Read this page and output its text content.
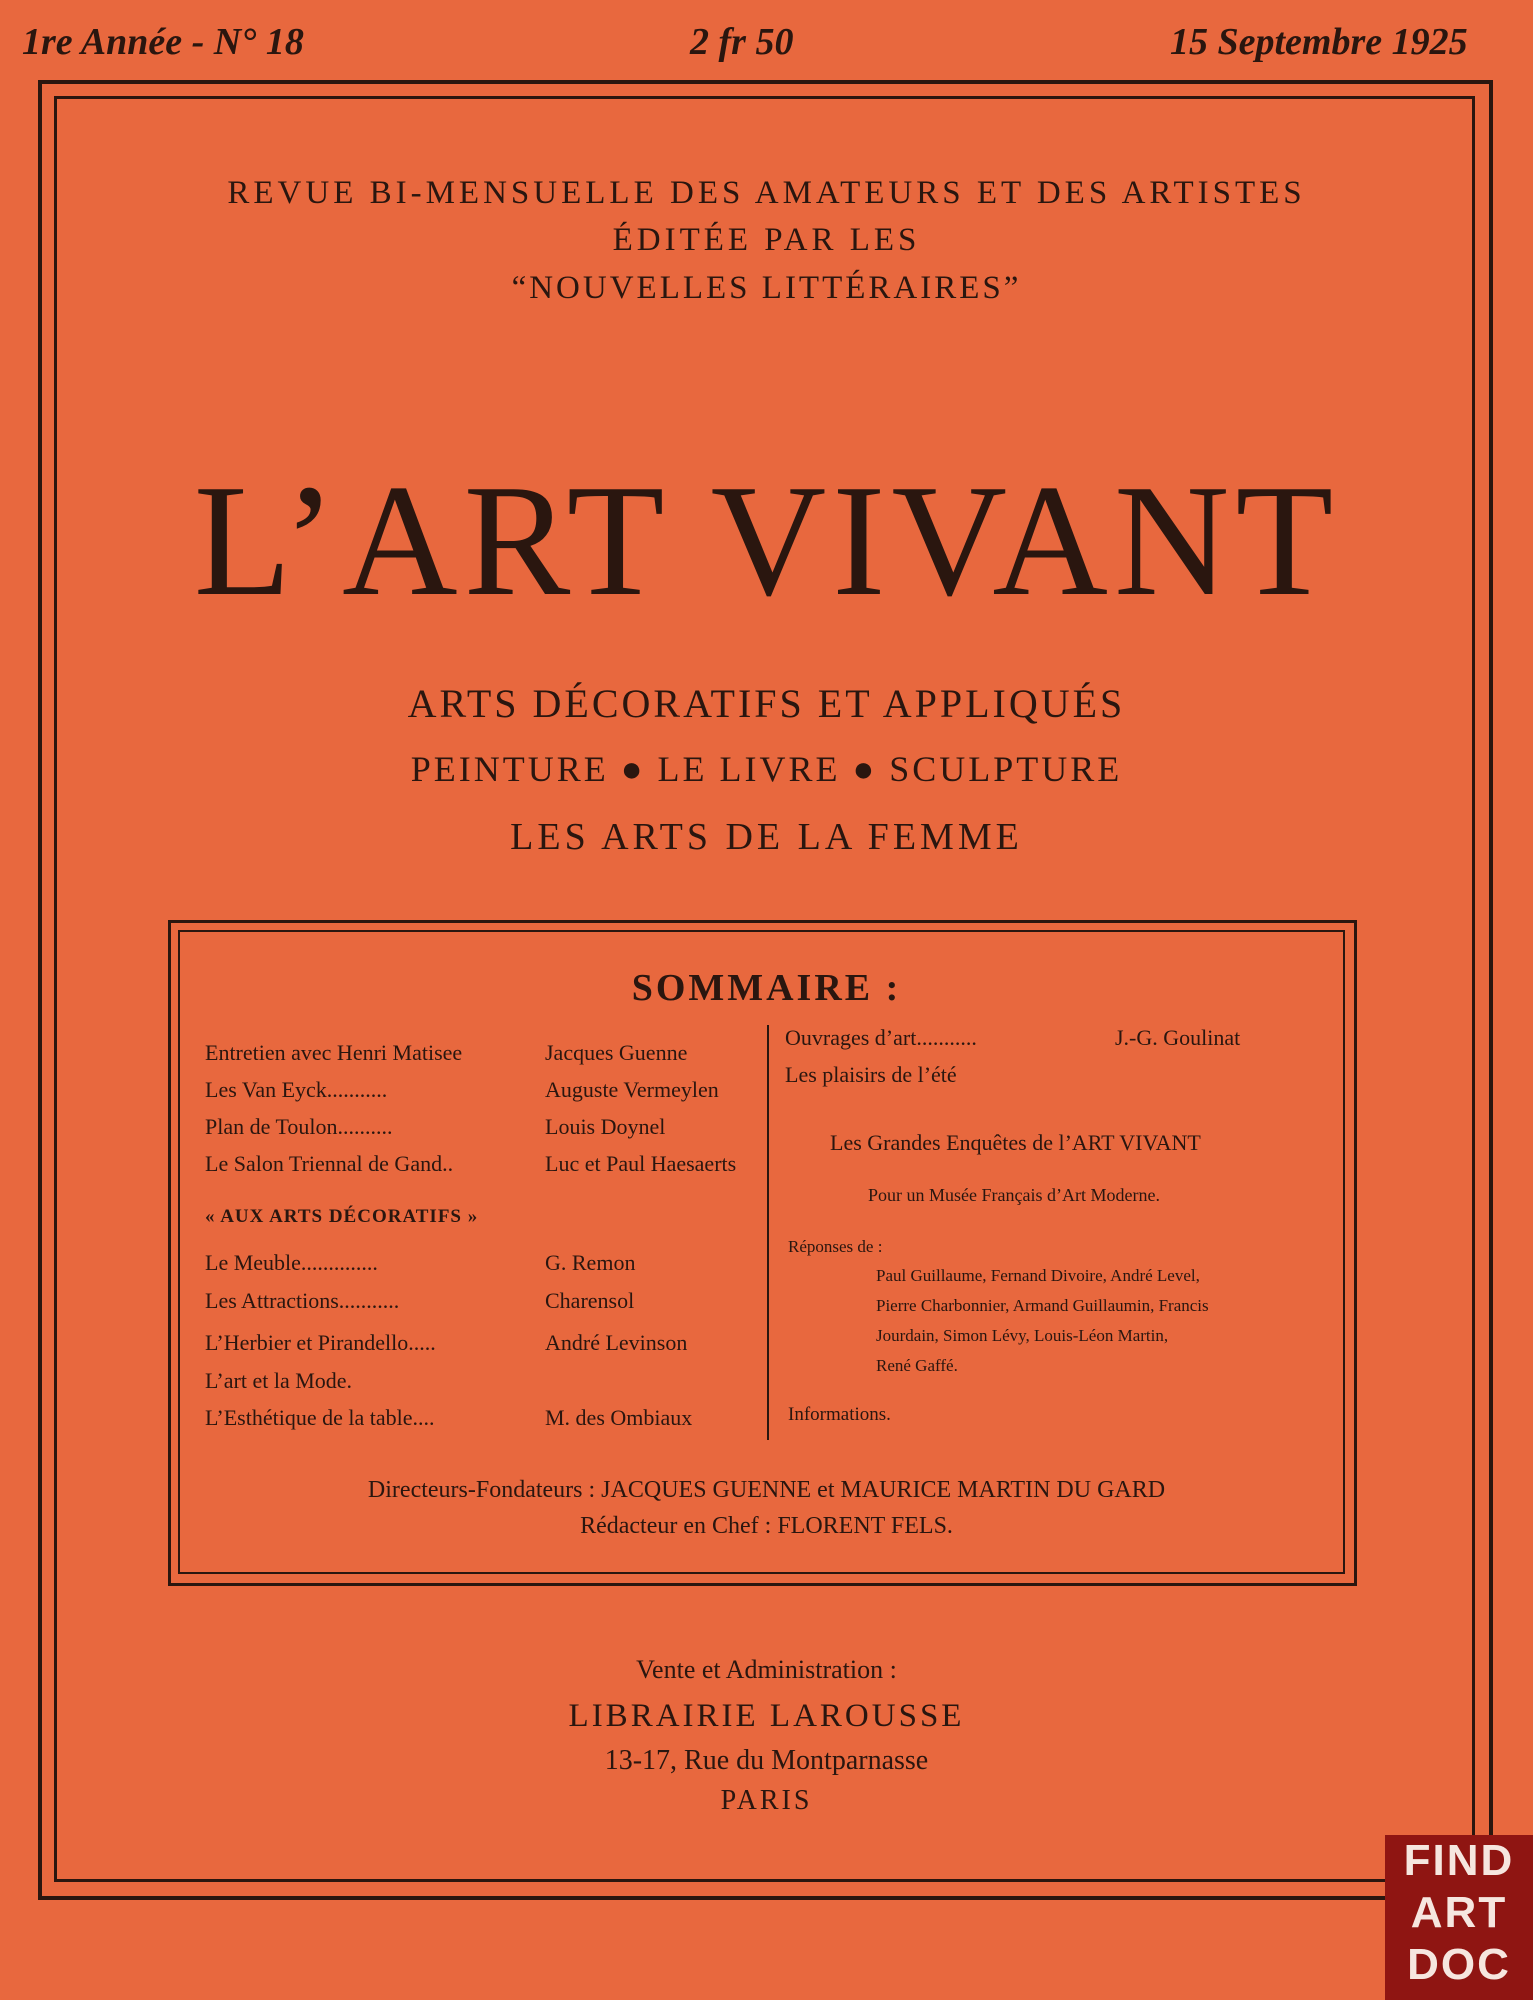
1re Année - N° 18	2 fr 50	15 Septembre 1925
REVUE BI-MENSUELLE DES AMATEURS ET DES ARTISTES
ÉDITÉE PAR LES
“NOUVELLES LITTÉRAIRES”
L’ART VIVANT
ARTS DÉCORATIFS ET APPLIQUÉS
PEINTURE ● LE LIVRE ● SCULPTURE
LES ARTS DE LA FEMME
SOMMAIRE :
Entretien avec Henri Matisee	Jacques Guenne
Les Van Eyck...........	Auguste Vermeylen
Plan de Toulon..........	Louis Doynel
Le Salon Triennal de Gand..	Luc et Paul Haesaerts
« AUX ARTS DÉCORATIFS »
Le Meuble..............	G. Remon
Les Attractions...........	Charensol
L’Herbier et Pirandello.....	André Levinson
L’art et la Mode.
L’Esthétique de la table....	M. des Ombiaux
Ouvrages d’art...........	J.-G. Goulinat
Les plaisirs de l’été
Les Grandes Enquêtes de l’ART VIVANT
Pour un Musée Français d’Art Moderne.
Réponses de :
Paul Guillaume, Fernand Divoire, André Level,
Pierre Charbonnier, Armand Guillaumin, Francis
Jourdain, Simon Lévy, Louis-Léon Martin,
René Gaffé.
Informations.
Directeurs-Fondateurs : JACQUES GUENNE et MAURICE MARTIN DU GARD
Rédacteur en Chef : FLORENT FELS.
Vente et Administration :
LIBRAIRIE LAROUSSE
13-17, Rue du Montparnasse
PARIS
FIND
ART
DOC
